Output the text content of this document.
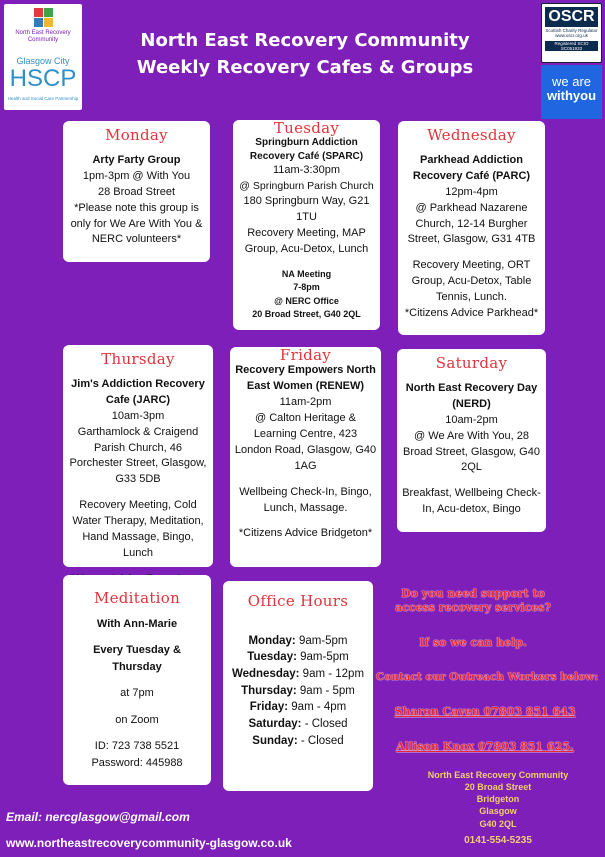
North East Recovery Community
Glasgow City
HSCP
Health and Social Care Partnership
OSCR
Scottish Charity Regulator
www.oscr.org.uk
Registered SCIO
SC051933
we are
withyou
North East Recovery Community
Weekly Recovery Cafes & Groups
Monday
Arty Farty Group
1pm-3pm @ With You
28 Broad Street
*Please note this group is only for We Are With You & NERC volunteers*
Tuesday
Springburn Addiction Recovery Café (SPARC)
11am-3:30pm
@ Springburn Parish Church
180 Springburn Way, G21 1TU
Recovery Meeting, MAP Group, Acu-Detox, Lunch
NA Meeting
7-8pm
@ NERC Office
20 Broad Street, G40 2QL
Wednesday
Parkhead Addiction Recovery Café (PARC)
12pm-4pm
@ Parkhead Nazarene Church, 12-14 Burgher Street, Glasgow, G31 4TB
Recovery Meeting, ORT Group, Acu-Detox, Table Tennis, Lunch.
*Citizens Advice Parkhead*
Thursday
Jim's Addiction Recovery Cafe (JARC)
10am-3pm
Garthamlock & Craigend Parish Church, 46 Porchester Street, Glasgow, G33 5DB
Recovery Meeting, Cold Water Therapy, Meditation, Hand Massage, Bingo, Lunch
Friday
Recovery Empowers North East Women (RENEW)
11am-2pm
@ Calton Heritage & Learning Centre, 423 London Road, Glasgow, G40 1AG
Wellbeing Check-In, Bingo, Lunch, Massage.
*Citizens Advice Bridgeton*
Saturday
North East Recovery Day (NERD)
10am-2pm
@ We Are With You, 28 Broad Street, Glasgow, G40 2QL
Breakfast, Wellbeing Check-In, Acu-detox, Bingo
Meditation
With Ann-Marie
Every Tuesday & Thursday
at 7pm
on Zoom
ID: 723 738 5521
Password: 445988
Office Hours
Monday: 9am-5pm
Tuesday: 9am-5pm
Wednesday: 9am - 12pm
Thursday: 9am - 5pm
Friday: 9am - 4pm
Saturday: - Closed
Sunday: - Closed
Do you need support to access recovery services?
If so we can help.
Contact our Outreach Workers below:
Sharon Caven 07803 851 643
Allison Knox 07803 851 625.
North East Recovery Community
20 Broad Street
Bridgeton
Glasgow
G40 2QL
0141-554-5235
Email: nercglasgow@gmail.com
www.northeastrecoverycommunity-glasgow.co.uk
